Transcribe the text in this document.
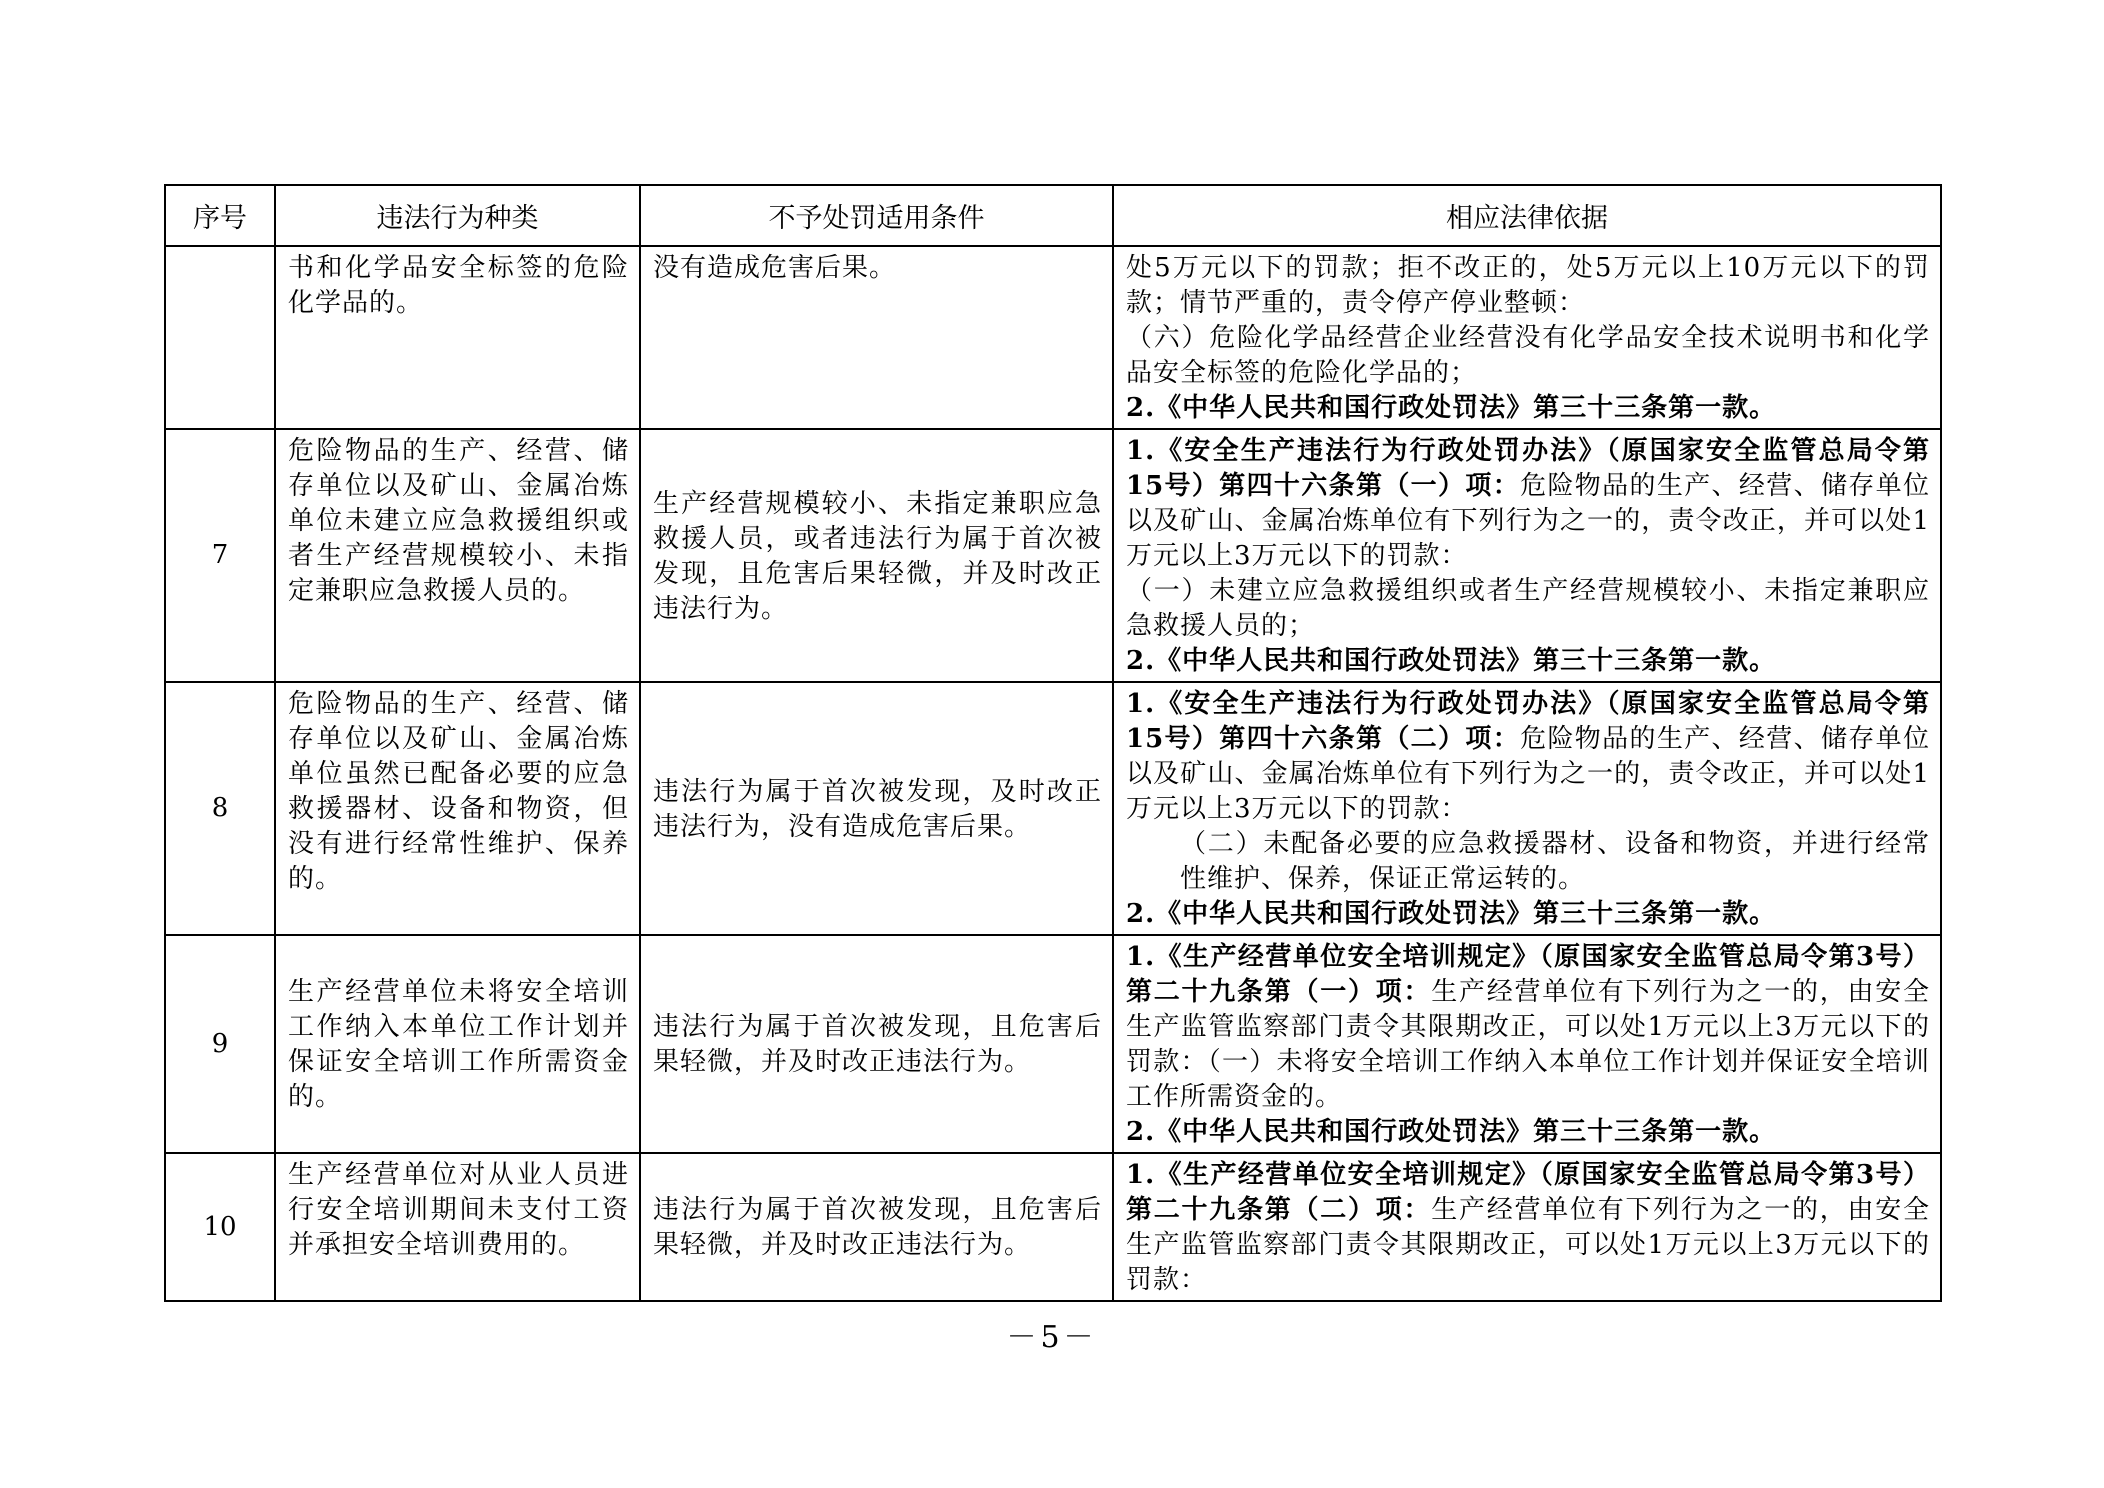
序号	违法行为种类	不予处罚适用条件	相应法律依据
	书和化学品安全标签的危险化学品的。	没有造成危害后果。	处5万元以下的罚款；拒不改正的，处5万元以上10万元以下的罚款；情节严重的，责令停产停业整顿：

（六）危险化学品经营企业经营没有化学品安全技术说明书和化学品安全标签的危险化学品的；

2.《中华人民共和国行政处罚法》第三十三条第一款。

7	危险物品的生产、经营、储存单位以及矿山、金属冶炼单位未建立应急救援组织或者生产经营规模较小、未指定兼职应急救援人员的。	生产经营规模较小、未指定兼职应急救援人员，或者违法行为属于首次被发现，且危害后果轻微，并及时改正违法行为。	1.《安全生产违法行为行政处罚办法》（原国家安全监管总局令第15号）第四十六条第（一）项：危险物品的生产、经营、储存单位以及矿山、金属冶炼单位有下列行为之一的，责令改正，并可以处1万元以上3万元以下的罚款：

（一）未建立应急救援组织或者生产经营规模较小、未指定兼职应急救援人员的；

2.《中华人民共和国行政处罚法》第三十三条第一款。

8	危险物品的生产、经营、储存单位以及矿山、金属冶炼单位虽然已配备必要的应急救援器材、设备和物资，但没有进行经常性维护、保养的。	违法行为属于首次被发现，及时改正违法行为，没有造成危害后果。	1.《安全生产违法行为行政处罚办法》（原国家安全监管总局令第15号）第四十六条第（二）项：危险物品的生产、经营、储存单位以及矿山、金属冶炼单位有下列行为之一的，责令改正，并可以处1万元以上3万元以下的罚款：

（二）未配备必要的应急救援器材、设备和物资，并进行经常性维护、保养，保证正常运转的。

2.《中华人民共和国行政处罚法》第三十三条第一款。

9	生产经营单位未将安全培训工作纳入本单位工作计划并保证安全培训工作所需资金的。	违法行为属于首次被发现，且危害后果轻微，并及时改正违法行为。	1.《生产经营单位安全培训规定》（原国家安全监管总局令第3号）第二十九条第（一）项：生产经营单位有下列行为之一的，由安全生产监管监察部门责令其限期改正，可以处1万元以上3万元以下的罚款：（一）未将安全培训工作纳入本单位工作计划并保证安全培训工作所需资金的。

2.《中华人民共和国行政处罚法》第三十三条第一款。

10	生产经营单位对从业人员进行安全培训期间未支付工资并承担安全培训费用的。	违法行为属于首次被发现，且危害后果轻微，并及时改正违法行为。	1.《生产经营单位安全培训规定》（原国家安全监管总局令第3号）第二十九条第（二）项：生产经营单位有下列行为之一的，由安全生产监管监察部门责令其限期改正，可以处1万元以上3万元以下的罚款：

－5－
